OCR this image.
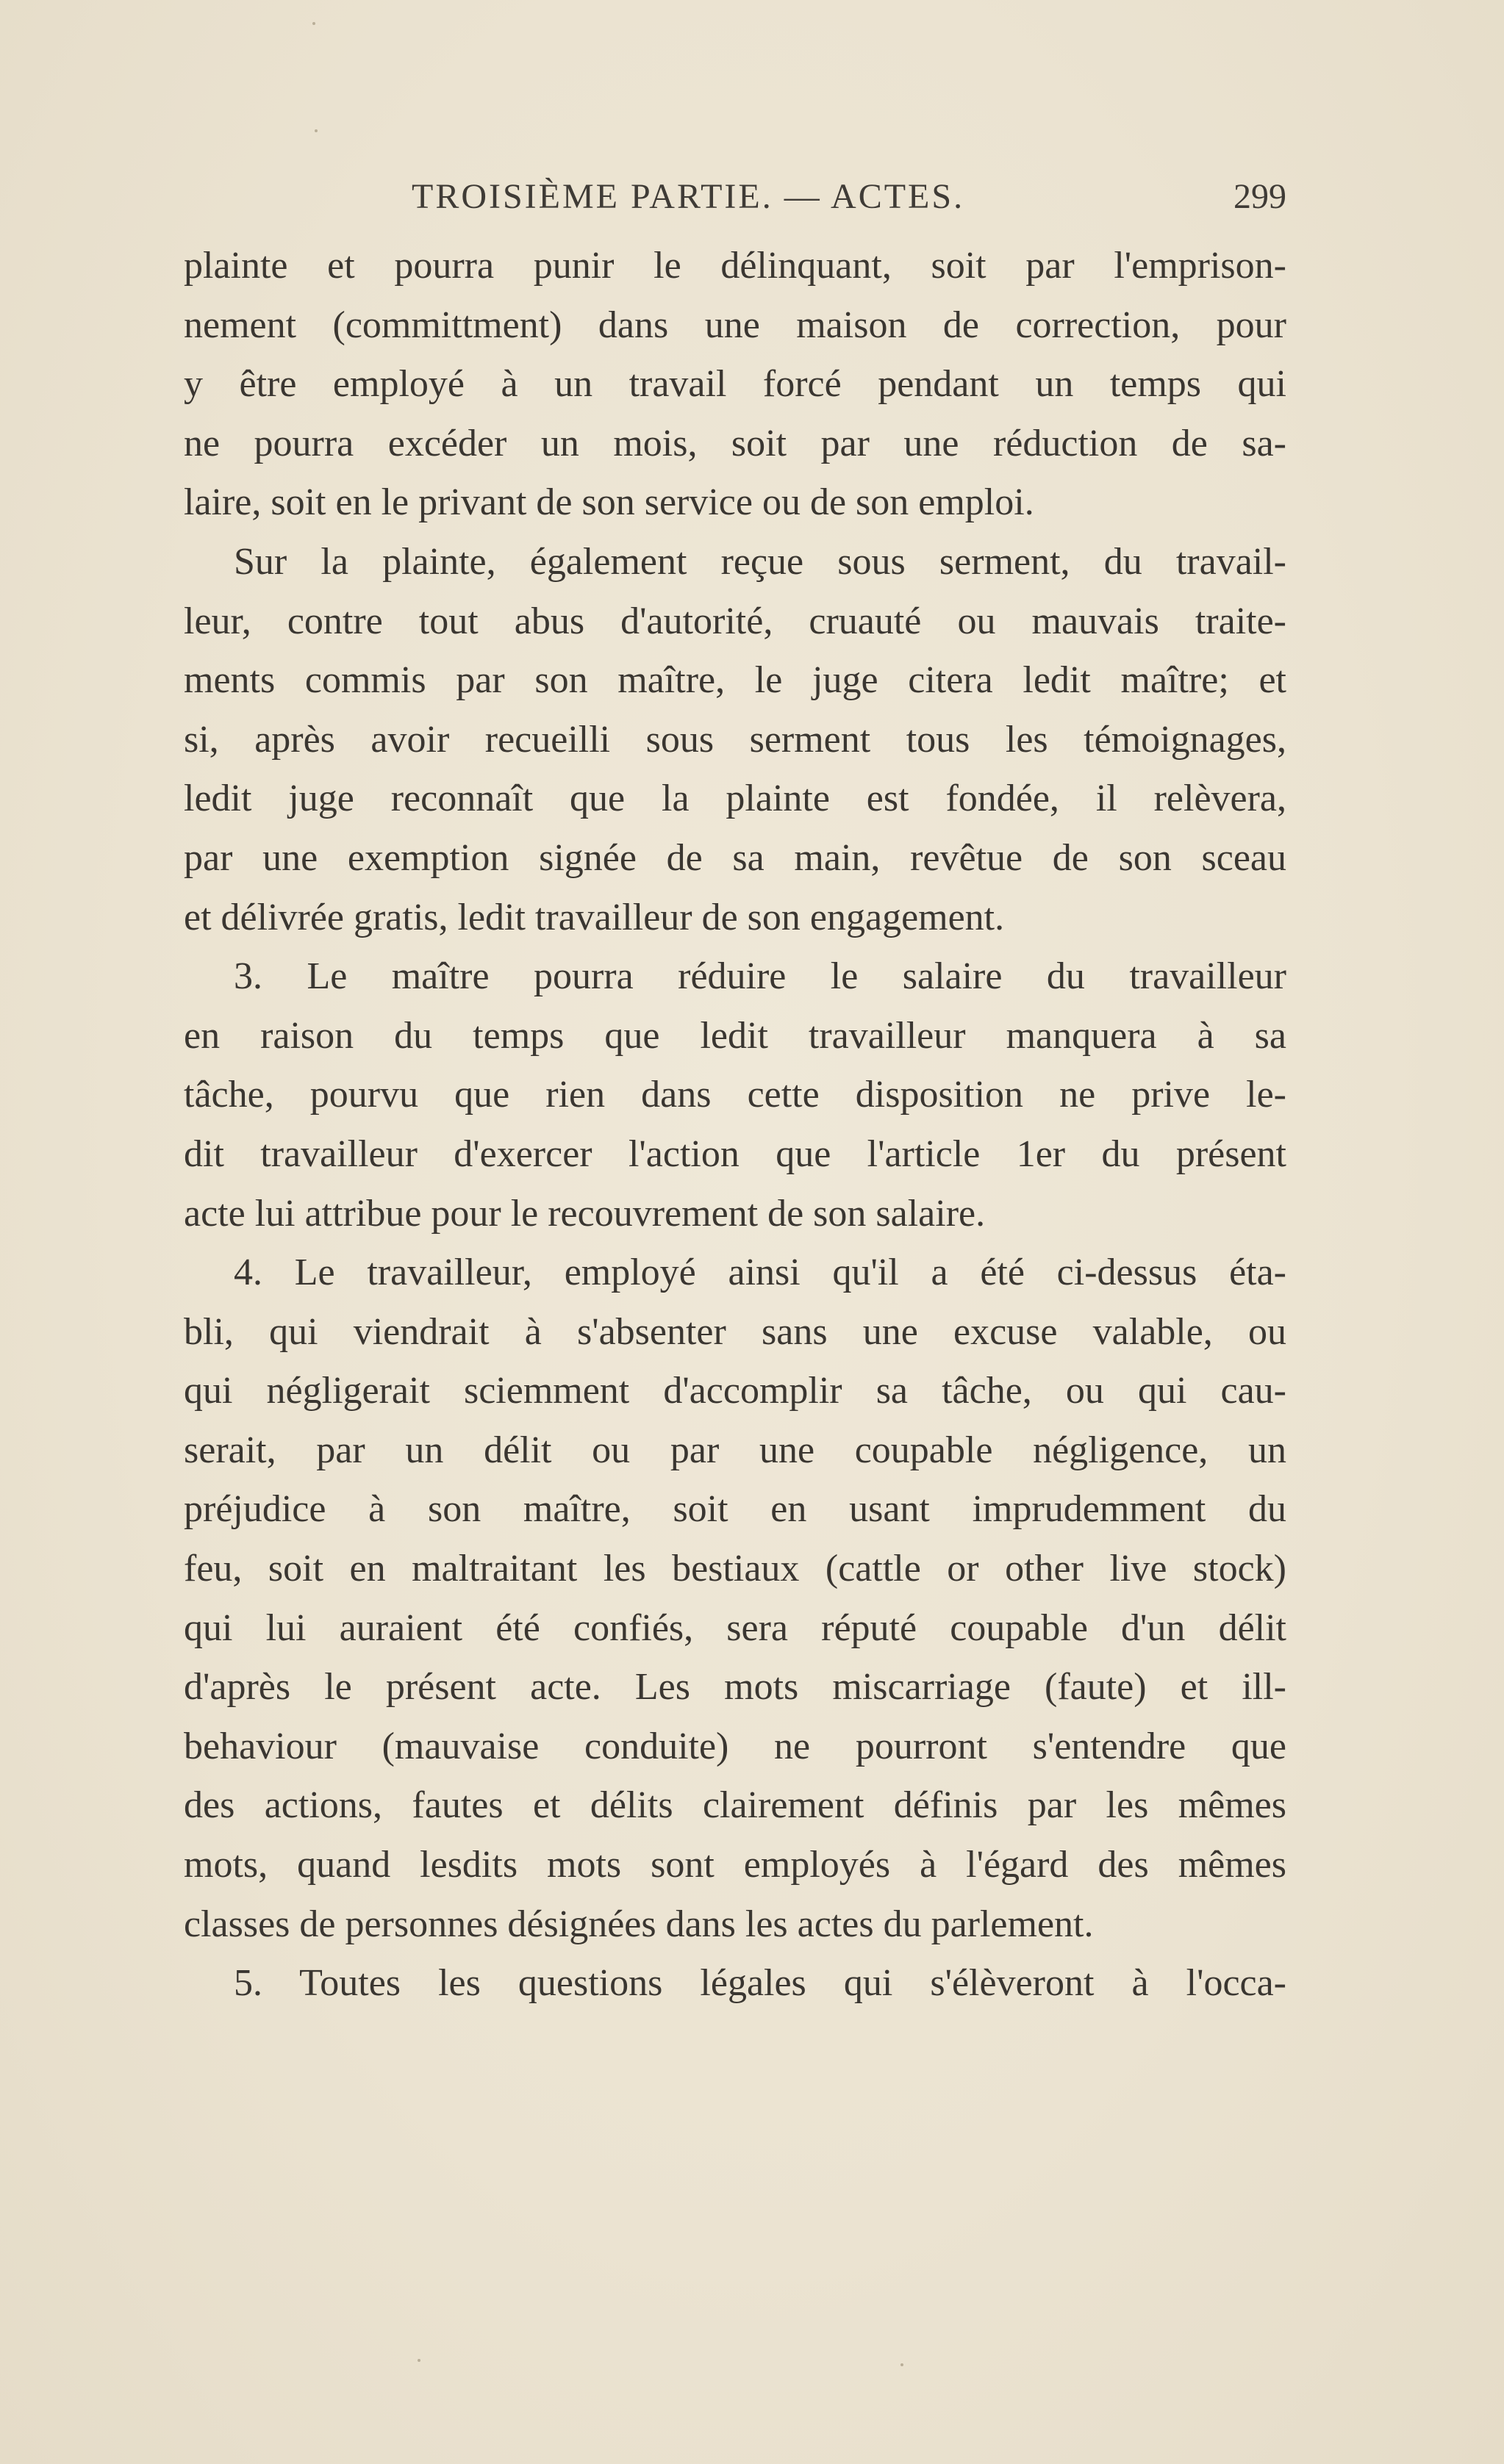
TROISIÈME PARTIE. — ACTES.	299
plainte et pourra punir le délinquant, soit par l'emprison-
nement (committment) dans une maison de correction, pour
y être employé à un travail forcé pendant un temps qui
ne pourra excéder un mois, soit par une réduction de sa-
laire, soit en le privant de son service ou de son emploi.
Sur la plainte, également reçue sous serment, du travail-
leur, contre tout abus d'autorité, cruauté ou mauvais traite-
ments commis par son maître, le juge citera ledit maître; et
si, après avoir recueilli sous serment tous les témoignages,
ledit juge reconnaît que la plainte est fondée, il relèvera,
par une exemption signée de sa main, revêtue de son sceau
et délivrée gratis, ledit travailleur de son engagement.
3. Le maître pourra réduire le salaire du travailleur
en raison du temps que ledit travailleur manquera à sa
tâche, pourvu que rien dans cette disposition ne prive le-
dit travailleur d'exercer l'action que l'article 1er du présent
acte lui attribue pour le recouvrement de son salaire.
4. Le travailleur, employé ainsi qu'il a été ci-dessus éta-
bli, qui viendrait à s'absenter sans une excuse valable, ou
qui négligerait sciemment d'accomplir sa tâche, ou qui cau-
serait, par un délit ou par une coupable négligence, un
préjudice à son maître, soit en usant imprudemment du
feu, soit en maltraitant les bestiaux (cattle or other live stock)
qui lui auraient été confiés, sera réputé coupable d'un délit
d'après le présent acte. Les mots miscarriage (faute) et ill-
behaviour (mauvaise conduite) ne pourront s'entendre que
des actions, fautes et délits clairement définis par les mêmes
mots, quand lesdits mots sont employés à l'égard des mêmes
classes de personnes désignées dans les actes du parlement.
5. Toutes les questions légales qui s'élèveront à l'occa-
